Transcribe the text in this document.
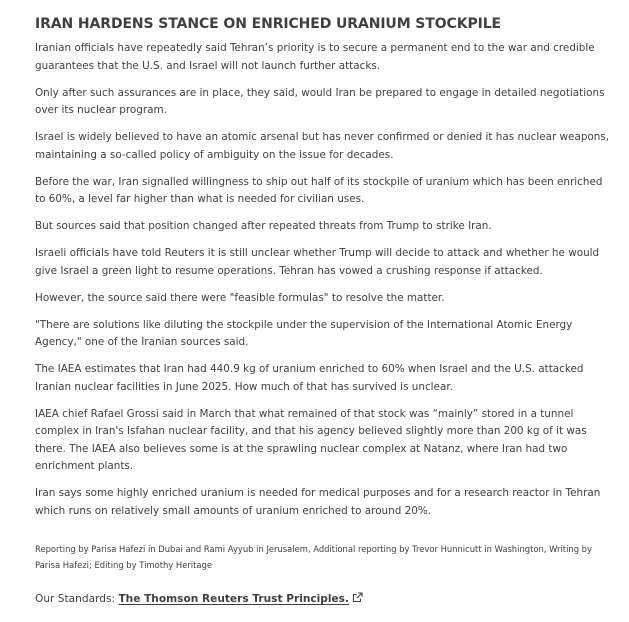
IRAN HARDENS STANCE ON ENRICHED URANIUM STOCKPILE

Iranian officials have repeatedly said Tehran’s priority is to secure a permanent end to the war and credible guarantees that the U.S. and Israel will not launch further attacks.

Only after such assurances are in place, they said, would Iran be prepared to engage in detailed negotiations over its nuclear program.

Israel is widely believed to have an atomic arsenal but has never confirmed or denied it has nuclear weapons, maintaining a so-called policy of ambiguity on the issue for decades.

Before the war, Iran signalled willingness to ship out half of its stockpile of uranium which has been enriched to 60%, a level far higher than what is needed for civilian uses.

But sources said that position changed after repeated threats from Trump to strike Iran.

Israeli officials have told Reuters it is still unclear whether Trump will decide to attack and whether he would give Israel a green light to resume operations. Tehran has vowed a crushing response if attacked.

However, the source said there were "feasible formulas" to resolve the matter.

"There are solutions like diluting the stockpile under the supervision of the International Atomic Energy Agency," one of the Iranian sources said.

The IAEA estimates that Iran had 440.9 kg of uranium enriched to 60% when Israel and the U.S. attacked Iranian nuclear facilities in June 2025. How much of that has survived is unclear.

IAEA chief Rafael Grossi said in March that what remained of that stock was “mainly” stored in a tunnel complex in Iran's Isfahan nuclear facility, and that his agency believed slightly more than 200 kg of it was there. The IAEA also believes some is at the sprawling nuclear complex at Natanz, where Iran had two enrichment plants.

Iran says some highly enriched uranium is needed for medical purposes and for a research reactor in Tehran which runs on relatively small amounts of uranium enriched to around 20%.

Reporting by Parisa Hafezi in Dubai and Rami Ayyub in Jerusalem, Additional reporting by Trevor Hunnicutt in Washington, Writing by Parisa Hafezi; Editing by Timothy Heritage

Our Standards: The Thomson Reuters Trust Principles.
